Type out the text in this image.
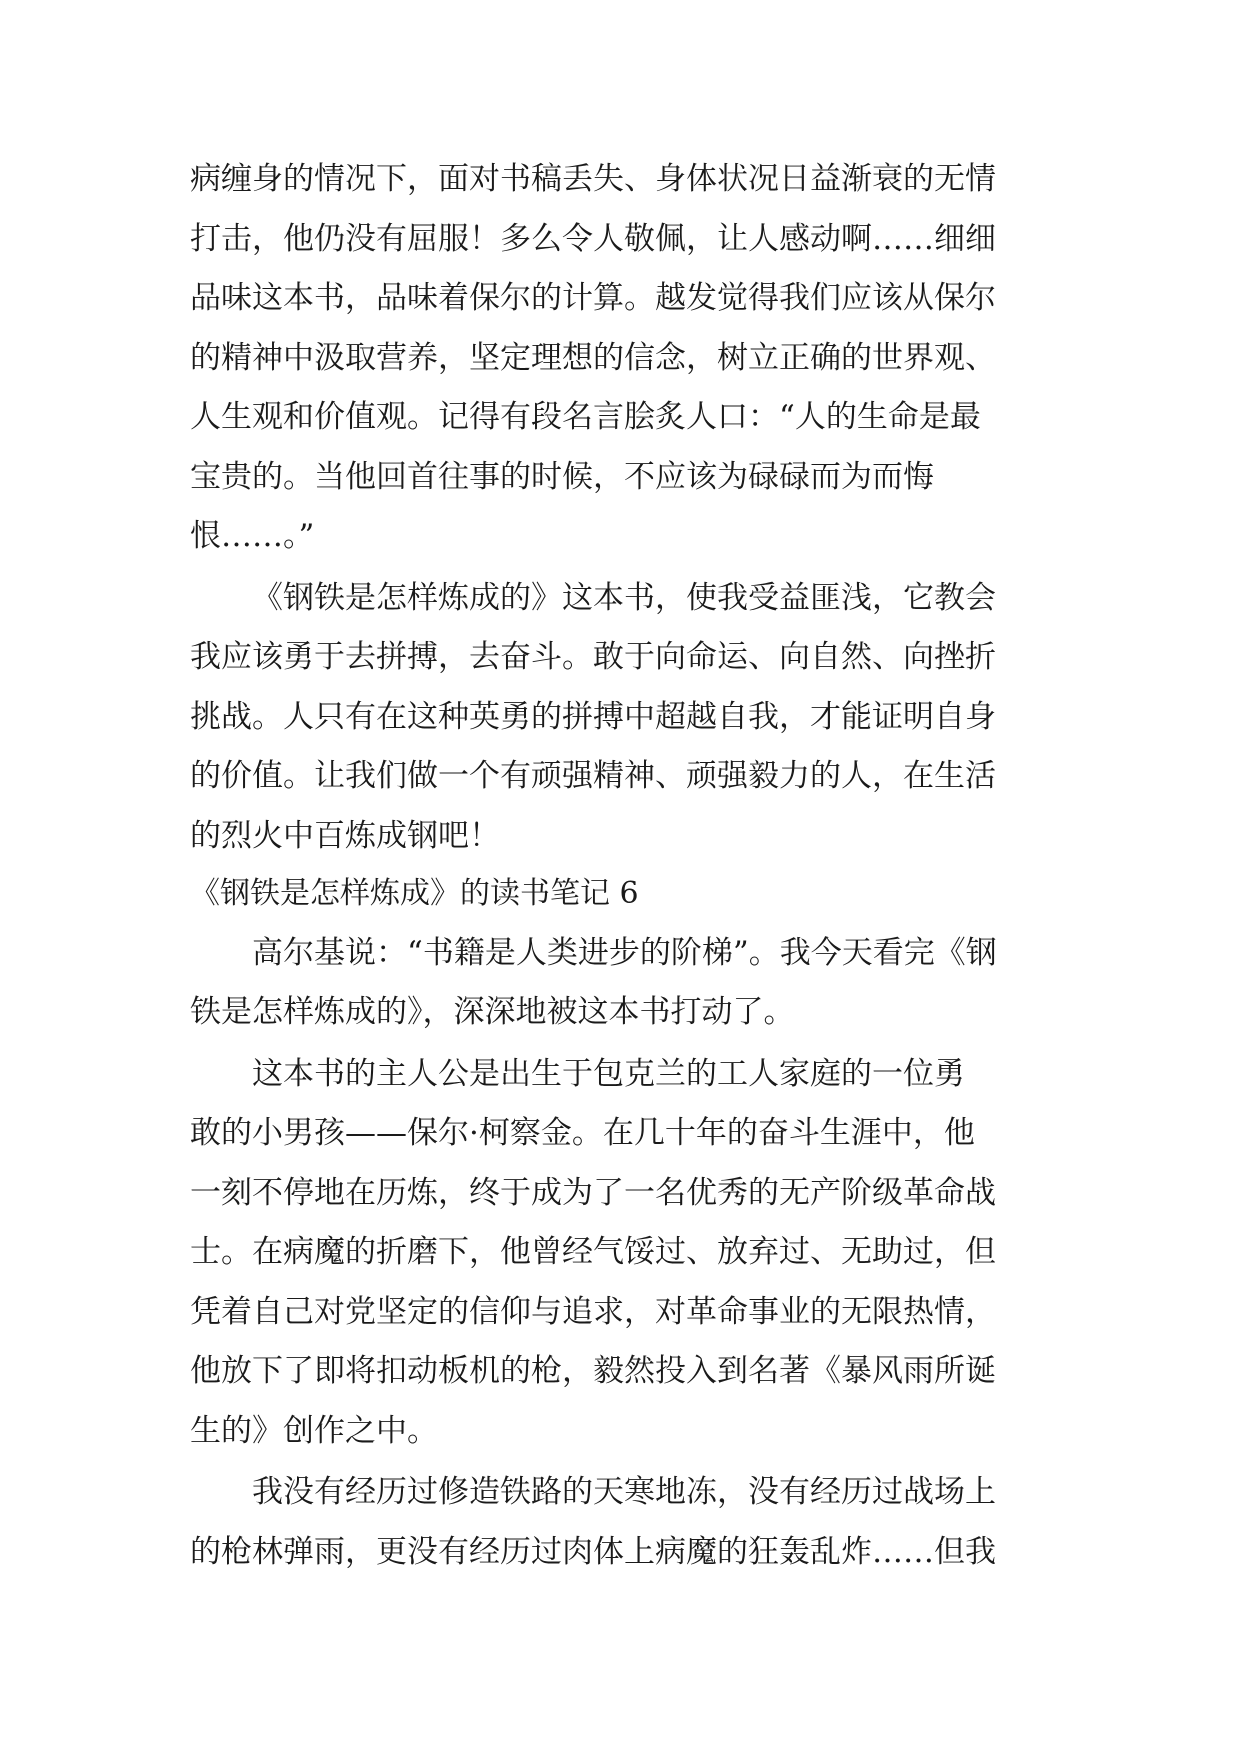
病缠身的情况下，面对书稿丢失、身体状况日益渐衰的无情
打击，他仍没有屈服！多么令人敬佩，让人感动啊……细细
品味这本书，品味着保尔的计算。越发觉得我们应该从保尔
的精神中汲取营养，坚定理想的信念，树立正确的世界观、
人生观和价值观。记得有段名言脍炙人口：“人的生命是最
宝贵的。当他回首往事的时候，不应该为碌碌而为而悔
恨……。”
《钢铁是怎样炼成的》这本书，使我受益匪浅，它教会
我应该勇于去拼搏，去奋斗。敢于向命运、向自然、向挫折
挑战。人只有在这种英勇的拼搏中超越自我，才能证明自身
的价值。让我们做一个有顽强精神、顽强毅力的人，在生活
的烈火中百炼成钢吧！
《钢铁是怎样炼成》的读书笔记 6
高尔基说：“书籍是人类进步的阶梯”。我今天看完《钢
铁是怎样炼成的》，深深地被这本书打动了。
这本书的主人公是出生于包克兰的工人家庭的一位勇
敢的小男孩——保尔·柯察金。在几十年的奋斗生涯中，他
一刻不停地在历炼，终于成为了一名优秀的无产阶级革命战
士。在病魔的折磨下，他曾经气馁过、放弃过、无助过，但
凭着自己对党坚定的信仰与追求，对革命事业的无限热情，
他放下了即将扣动板机的枪，毅然投入到名著《暴风雨所诞
生的》创作之中。
我没有经历过修造铁路的天寒地冻，没有经历过战场上
的枪林弹雨，更没有经历过肉体上病魔的狂轰乱炸……但我
